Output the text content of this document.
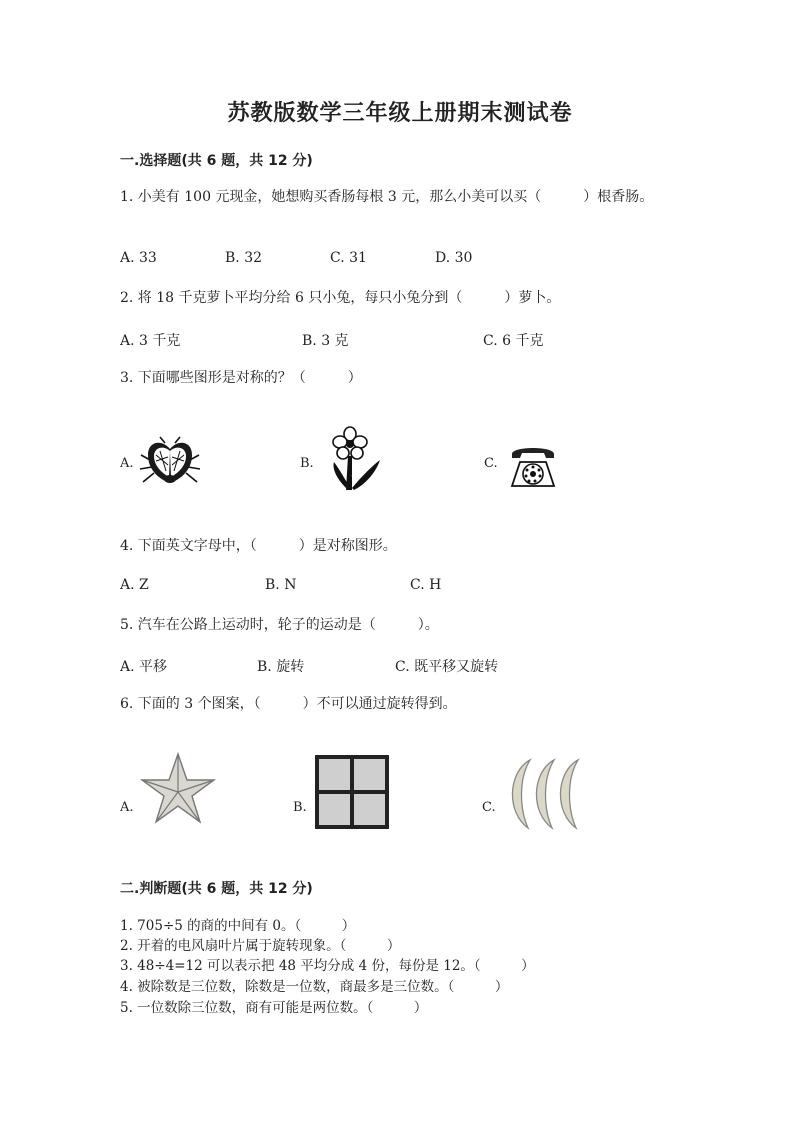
苏教版数学三年级上册期末测试卷
一.选择题(共 6 题，共 12 分)
1. 小美有 100 元现金，她想购买香肠每根 3 元，那么小美可以买（　　　）根香肠。
A. 33	B. 32	C. 31	D. 30
2. 将 18 千克萝卜平均分给 6 只小兔，每只小兔分到（　　　）萝卜。
A. 3 千克	B. 3 克	C. 6 千克
3. 下面哪些图形是对称的？（　　　）
A.	B.	C.
4. 下面英文字母中，（　　　）是对称图形。
A. Z	B. N	C. H
5. 汽车在公路上运动时，轮子的运动是（　　　）。
A. 平移	B. 旋转	C. 既平移又旋转
6. 下面的 3 个图案，（　　　）不可以通过旋转得到。
A.	B.	C.
二.判断题(共 6 题，共 12 分)
1. 705÷5 的商的中间有 0。（　　　）
2. 开着的电风扇叶片属于旋转现象。（　　　）
3. 48÷4=12 可以表示把 48 平均分成 4 份，每份是 12。（　　　）
4. 被除数是三位数，除数是一位数，商最多是三位数。（　　　）
5. 一位数除三位数，商有可能是两位数。（　　　）
